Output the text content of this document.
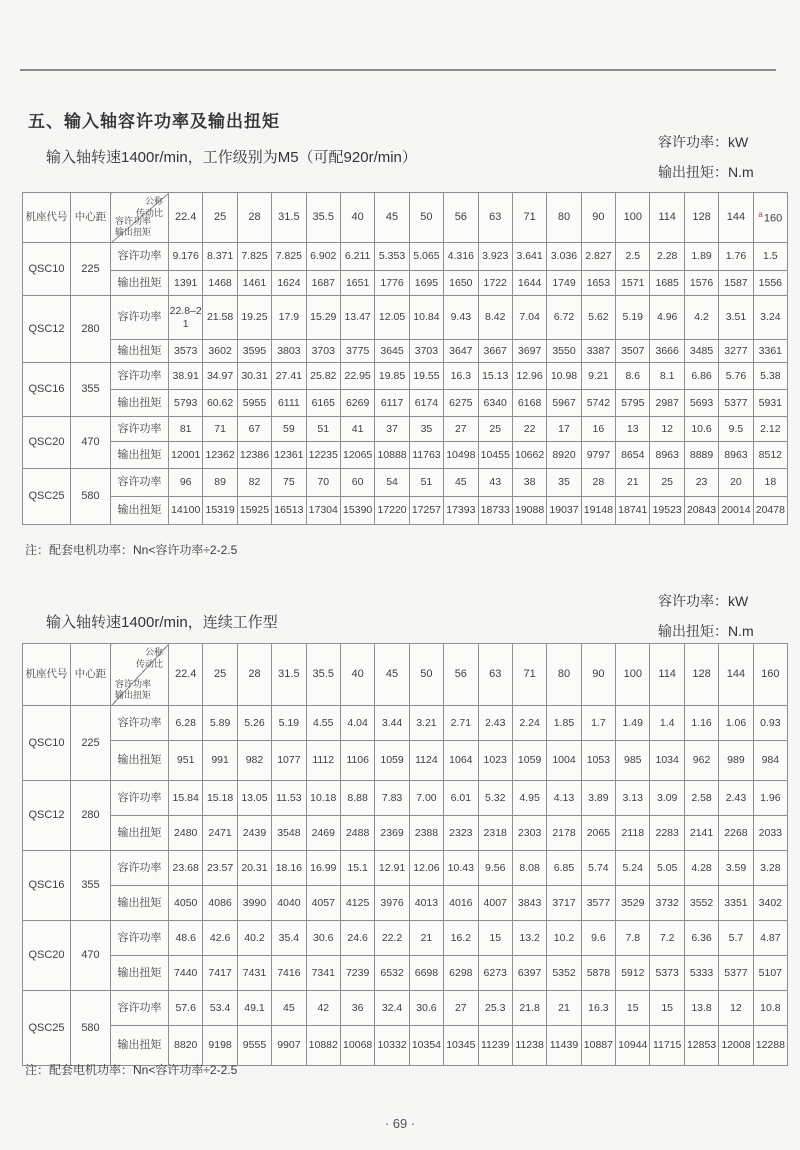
五、输入轴容许功率及输出扭矩
输入轴转速1400r/min，工作级别为M5（可配920r/min）
容许功率：kW
输出扭矩：N.m
机座代号	中心距	公称
传动比
容许功率
输出扭矩	22.4	25	28	31.5	35.5	40	45	50	56	63	71	80	90	100	114	128	144	$^a$160
QSC10	225	容许功率	9.176	8.371	7.825	7.825	6.902	6.211	5.353	5.065	4.316	3.923	3.641	3.036	2.827	2.5	2.28	1.89	1.76	1.5
		输出扭矩	1391	1468	1461	1624	1687	1651	1776	1695	1650	1722	1644	1749	1653	1571	1685	1576	1587	1556
QSC12	280	容许功率	22.8–21	21.58	19.25	17.9	15.29	13.47	12.05	10.84	9.43	8.42	7.04	6.72	5.62	5.19	4.96	4.2	3.51	3.24
		输出扭矩	3573	3602	3595	3803	3703	3775	3645	3703	3647	3667	3697	3550	3387	3507	3666	3485	3277	3361
QSC16	355	容许功率	38.91	34.97	30.31	27.41	25.82	22.95	19.85	19.55	16.3	15.13	12.96	10.98	9.21	8.6	8.1	6.86	5.76	5.38
		输出扭矩	5793	60.62	5955	6111	6165	6269	6117	6174	6275	6340	6168	5967	5742	5795	2987	5693	5377	5931
QSC20	470	容许功率	81	71	67	59	51	41	37	35	27	25	22	17	16	13	12	10.6	9.5	2.12
		输出扭矩	12001	12362	12386	12361	12235	12065	10888	11763	10498	10455	10662	8920	9797	8654	8963	8889	8963	8512
QSC25	580	容许功率	96	89	82	75	70	60	54	51	45	43	38	35	28	21	25	23	20	18
		输出扭矩	14100	15319	15925	16513	17304	15390	17220	17257	17393	18733	19088	19037	19148	18741	19523	20843	20014	20478
注：配套电机功率：Nn<容许功率÷2-2.5
容许功率：kW
输出扭矩：N.m
输入轴转速1400r/min，连续工作型
机座代号	中心距	公称
传动比
容许功率
输出扭矩	22.4	25	28	31.5	35.5	40	45	50	56	63	71	80	90	100	114	128	144	160
QSC10	225	容许功率	6.28	5.89	5.26	5.19	4.55	4.04	3.44	3.21	2.71	2.43	2.24	1.85	1.7	1.49	1.4	1.16	1.06	0.93
		输出扭矩	951	991	982	1077	1112	1106	1059	1124	1064	1023	1059	1004	1053	985	1034	962	989	984
QSC12	280	容许功率	15.84	15.18	13.05	11.53	10.18	8.88	7.83	7.00	6.01	5.32	4.95	4.13	3.89	3.13	3.09	2.58	2.43	1.96
		输出扭矩	2480	2471	2439	3548	2469	2488	2369	2388	2323	2318	2303	2178	2065	2118	2283	2141	2268	2033
QSC16	355	容许功率	23.68	23.57	20.31	18.16	16.99	15.1	12.91	12.06	10.43	9.56	8.08	6.85	5.74	5.24	5.05	4.28	3.59	3.28
		输出扭矩	4050	4086	3990	4040	4057	4125	3976	4013	4016	4007	3843	3717	3577	3529	3732	3552	3351	3402
QSC20	470	容许功率	48.6	42.6	40.2	35.4	30.6	24.6	22.2	21	16.2	15	13.2	10.2	9.6	7.8	7.2	6.36	5.7	4.87
		输出扭矩	7440	7417	7431	7416	7341	7239	6532	6698	6298	6273	6397	5352	5878	5912	5373	5333	5377	5107
QSC25	580	容许功率	57.6	53.4	49.1	45	42	36	32.4	30.6	27	25.3	21.8	21	16.3	15	15	13.8	12	10.8
		输出扭矩	8820	9198	9555	9907	10882	10068	10332	10354	10345	11239	11238	11439	10887	10944	11715	12853	12008	12288
注：配套电机功率：Nn<容许功率÷2-2.5
· 69 ·
